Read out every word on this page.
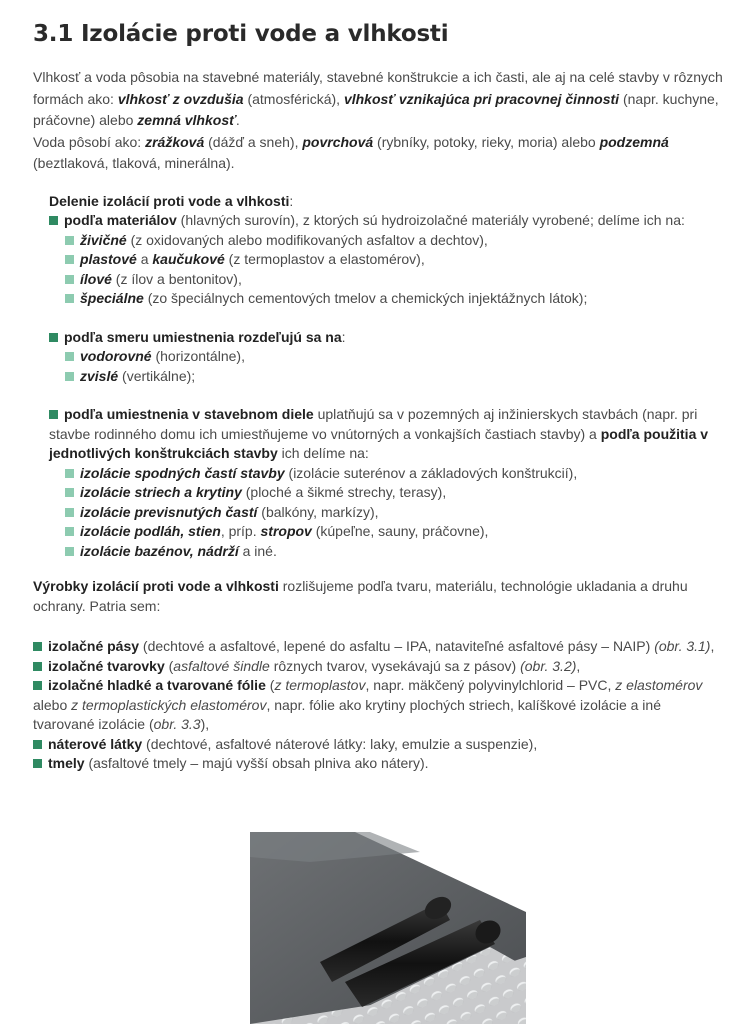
3.1 Izolácie proti vode a vlhkosti

Vlhkosť a voda pôsobia na stavebné materiály, stavebné konštrukcie a ich časti, ale aj na celé stavby v rôznych formách ako: vlhkosť z ovzdušia (atmosférická), vlhkosť vznikajúca pri pracovnej činnosti (napr. kuchyne, práčovne) alebo zemná vlhkosť.

Voda pôsobí ako: zrážková (dážď a sneh), povrchová (rybníky, potoky, rieky, moria) alebo podzemná (beztlaková, tlaková, minerálna).

Delenie izolácií proti vode a vlhkosti:
podľa materiálov (hlavných surovín), z ktorých sú hydroizolačné materiály vyrobené; delíme ich na:
živičné (z oxidovaných alebo modifikovaných asfaltov a dechtov),
plastové a kaučukové (z termoplastov a elastomérov),
ílové (z ílov a bentonitov),
špeciálne (zo špeciálnych cementových tmelov a chemických injektážnych látok);
podľa smeru umiestnenia rozdeľujú sa na:
vodorovné (horizontálne),
zvislé (vertikálne);
podľa umiestnenia v stavebnom diele uplatňujú sa v pozemných aj inžinierskych stavbách (napr. pri stavbe rodinného domu ich umiestňujeme vo vnútorných a vonkajších častiach stavby) a podľa použitia v jednotlivých konštrukciách stavby ich delíme na:
izolácie spodných častí stavby (izolácie suterénov a základových konštrukcií),
izolácie striech a krytiny (ploché a šikmé strechy, terasy),
izolácie previsnutých častí (balkóny, markízy),
izolácie podláh, stien, príp. stropov (kúpeľne, sauny, práčovne),
izolácie bazénov, nádrží a iné.

Výrobky izolácií proti vode a vlhkosti rozlišujeme podľa tvaru, materiálu, technológie ukladania a druhu ochrany. Patria sem:

izolačné pásy (dechtové a asfaltové, lepené do asfaltu – IPA, nataviteľné asfaltové pásy – NAIP) (obr. 3.1),
izolačné tvarovky (asfaltové šindle rôznych tvarov, vysekávajú sa z pásov) (obr. 3.2),
izolačné hladké a tvarované fólie (z termoplastov, napr. mäkčený polyvinylchlorid – PVC, z elastomérov alebo z termoplastických elastomérov, napr. fólie ako krytiny plochých striech, kalíškové izolácie a iné tvarované izolácie (obr. 3.3),
náterové látky (dechtové, asfaltové náterové látky: laky, emulzie a suspenzie),
tmely (asfaltové tmely – majú vyšší obsah plniva ako nátery).
